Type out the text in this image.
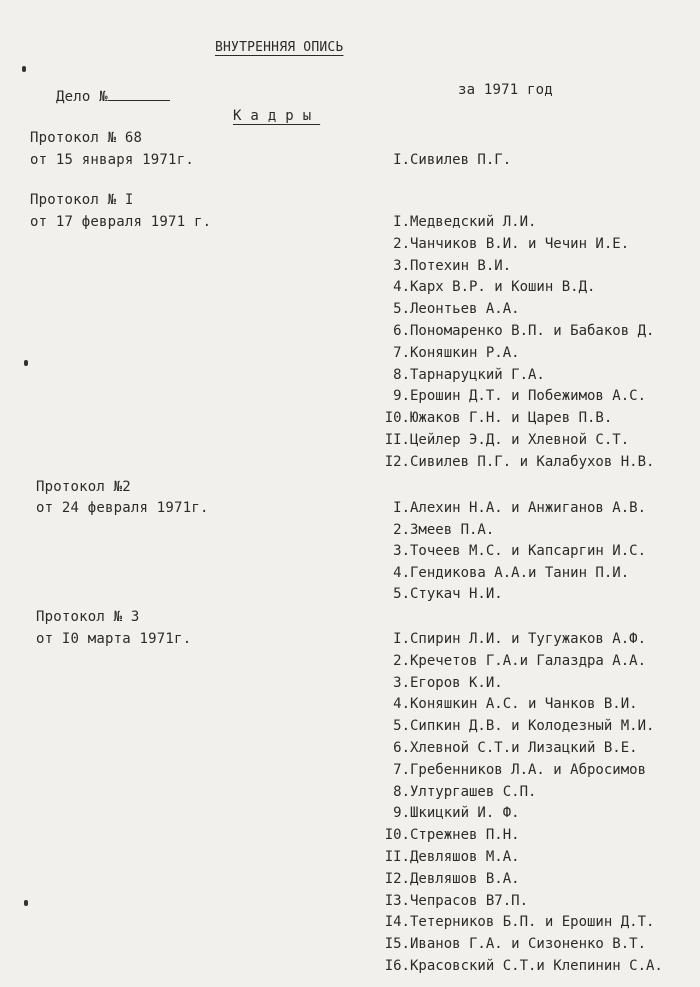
ВНУТРЕННЯЯ ОПИСЬ
Дело №	за 1971 год
Кадры
Протокол № 68
от 15 января 1971г.
Протокол № I
от 17 февраля 1971 г.
Протокол №2
от 24 февраля 1971г.
Протокол № 3
от I0 марта 1971г.
I.Сивилев П.Г.
I.Медведский Л.И.
2.Чанчиков В.И. и Чечин И.Е.
3.Потехин В.И.
4.Карх В.Р. и Кошин В.Д.
5.Леонтьев А.А.
6.Пономаренко В.П. и Бабаков Д.
7.Коняшкин Р.А.
8.Тарнаруцкий Г.А.
9.Ерошин Д.Т. и Побежимов А.С.
I0.Южаков Г.Н. и Царев П.В.
II.Цейлер Э.Д. и Хлевной С.Т.
I2.Сивилев П.Г. и Калабухов Н.В.
I.Алехин Н.А. и Анжиганов А.В.
2.Змеев П.А.
3.Точеев М.С. и Капсаргин И.С.
4.Гендикова А.А.и Танин П.И.
5.Стукач Н.И.
I.Спирин Л.И. и Тугужаков А.Ф.
2.Кречетов Г.А.и Галаздра А.А.
3.Егоров К.И.
4.Коняшкин А.С. и Чанков В.И.
5.Сипкин Д.В. и Колодезный М.И.
6.Хлевной С.Т.и Лизацкий В.Е.
7.Гребенников Л.А. и Абросимов
8.Ултургашев С.П.
9.Шкицкий И. Ф.
I0.Стрежнев П.Н.
II.Девляшов М.А.
I2.Девляшов В.А.
I3.Чепрасов В7.П.
I4.Тетерников Б.П. и Ерошин Д.Т.
I5.Иванов Г.А. и Сизоненко В.Т.
I6.Красовский С.Т.и Клепинин С.А.
